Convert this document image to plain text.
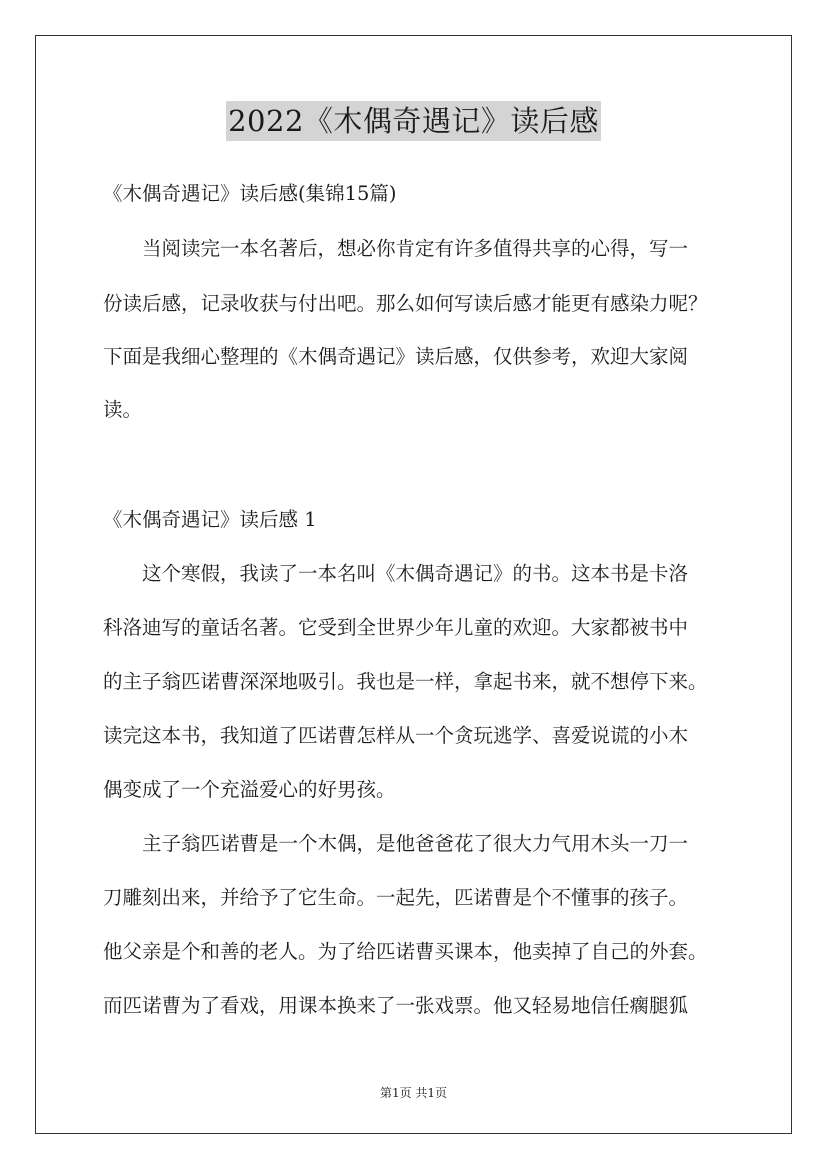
2022《木偶奇遇记》读后感
《木偶奇遇记》读后感(集锦15篇)
当阅读完一本名著后，想必你肯定有许多值得共享的心得，写一
份读后感，记录收获与付出吧。那么如何写读后感才能更有感染力呢？
下面是我细心整理的《木偶奇遇记》读后感，仅供参考，欢迎大家阅
读。
《木偶奇遇记》读后感 1
这个寒假，我读了一本名叫《木偶奇遇记》的书。这本书是卡洛
科洛迪写的童话名著。它受到全世界少年儿童的欢迎。大家都被书中
的主子翁匹诺曹深深地吸引。我也是一样，拿起书来，就不想停下来。
读完这本书，我知道了匹诺曹怎样从一个贪玩逃学、喜爱说谎的小木
偶变成了一个充溢爱心的好男孩。
主子翁匹诺曹是一个木偶，是他爸爸花了很大力气用木头一刀一
刀雕刻出来，并给予了它生命。一起先，匹诺曹是个不懂事的孩子。
他父亲是个和善的老人。为了给匹诺曹买课本，他卖掉了自己的外套。
而匹诺曹为了看戏，用课本换来了一张戏票。他又轻易地信任瘸腿狐
第1页 共1页
